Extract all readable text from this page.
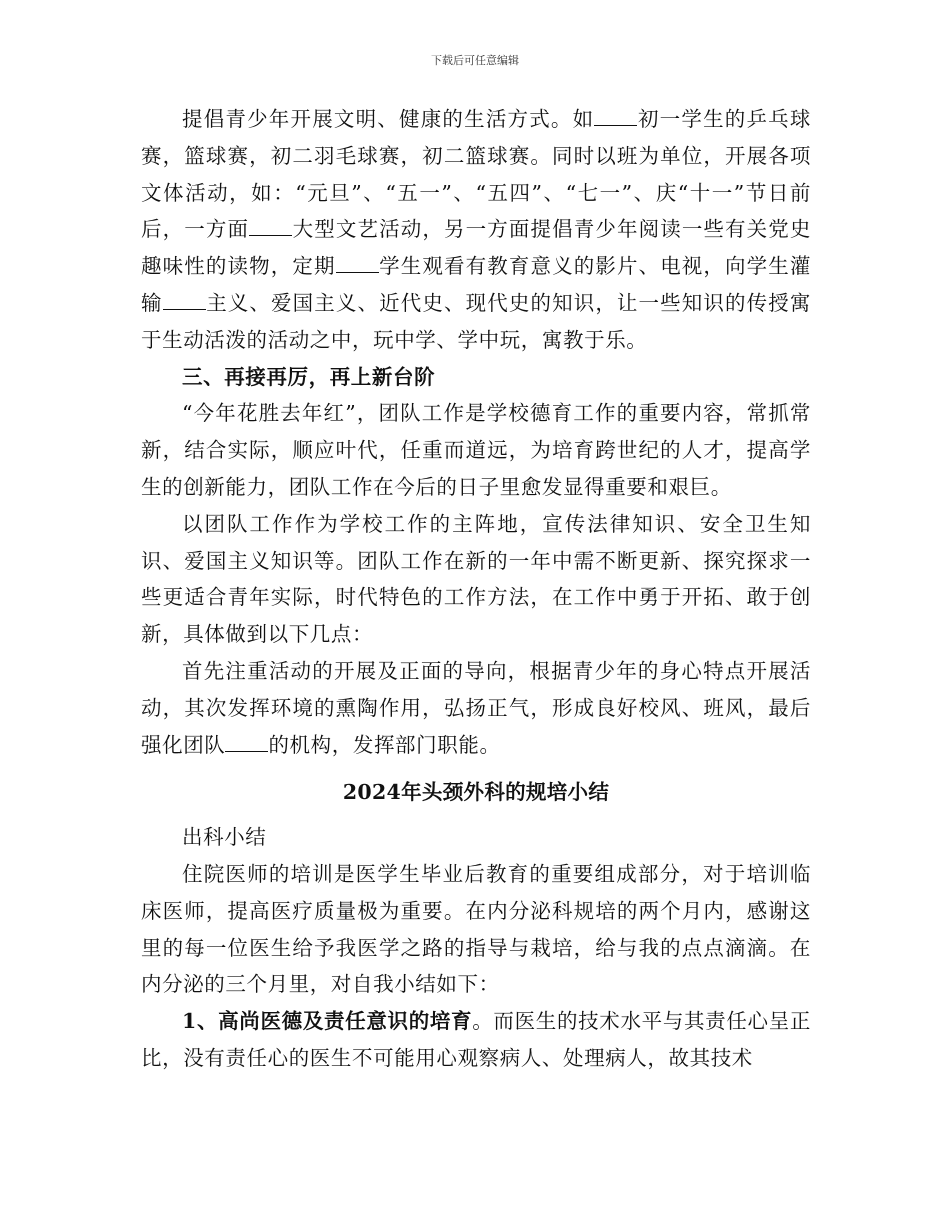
下载后可任意编辑

提倡青少年开展文明、健康的生活方式。如 初一学生的乒乓球赛，篮球赛，初二羽毛球赛，初二篮球赛。同时以班为单位，开展各项文体活动，如：“元旦”、“五一”、“五四”、“七一”、庆“十一”节日前后，一方面 大型文艺活动，另一方面提倡青少年阅读一些有关党史趣味性的读物，定期 学生观看有教育意义的影片、电视，向学生灌输 主义、爱国主义、近代史、现代史的知识，让一些知识的传授寓于生动活泼的活动之中，玩中学、学中玩，寓教于乐。

三、再接再厉，再上新台阶

“今年花胜去年红”，团队工作是学校德育工作的重要内容，常抓常新，结合实际，顺应叶代，任重而道远，为培育跨世纪的人才，提高学生的创新能力，团队工作在今后的日子里愈发显得重要和艰巨。

以团队工作作为学校工作的主阵地，宣传法律知识、安全卫生知识、爱国主义知识等。团队工作在新的一年中需不断更新、探究探求一些更适合青年实际，时代特色的工作方法，在工作中勇于开拓、敢于创新，具体做到以下几点：

首先注重活动的开展及正面的导向，根据青少年的身心特点开展活动，其次发挥环境的熏陶作用，弘扬正气，形成良好校风、班风，最后强化团队 的机构，发挥部门职能。

2024年头颈外科的规培小结

出科小结

住院医师的培训是医学生毕业后教育的重要组成部分，对于培训临床医师，提高医疗质量极为重要。在内分泌科规培的两个月内，感谢这里的每一位医生给予我医学之路的指导与栽培，给与我的点点滴滴。在内分泌的三个月里，对自我小结如下：

1、高尚医德及责任意识的培育。而医生的技术水平与其责任心呈正比，没有责任心的医生不可能用心观察病人、处理病人，故其技术
